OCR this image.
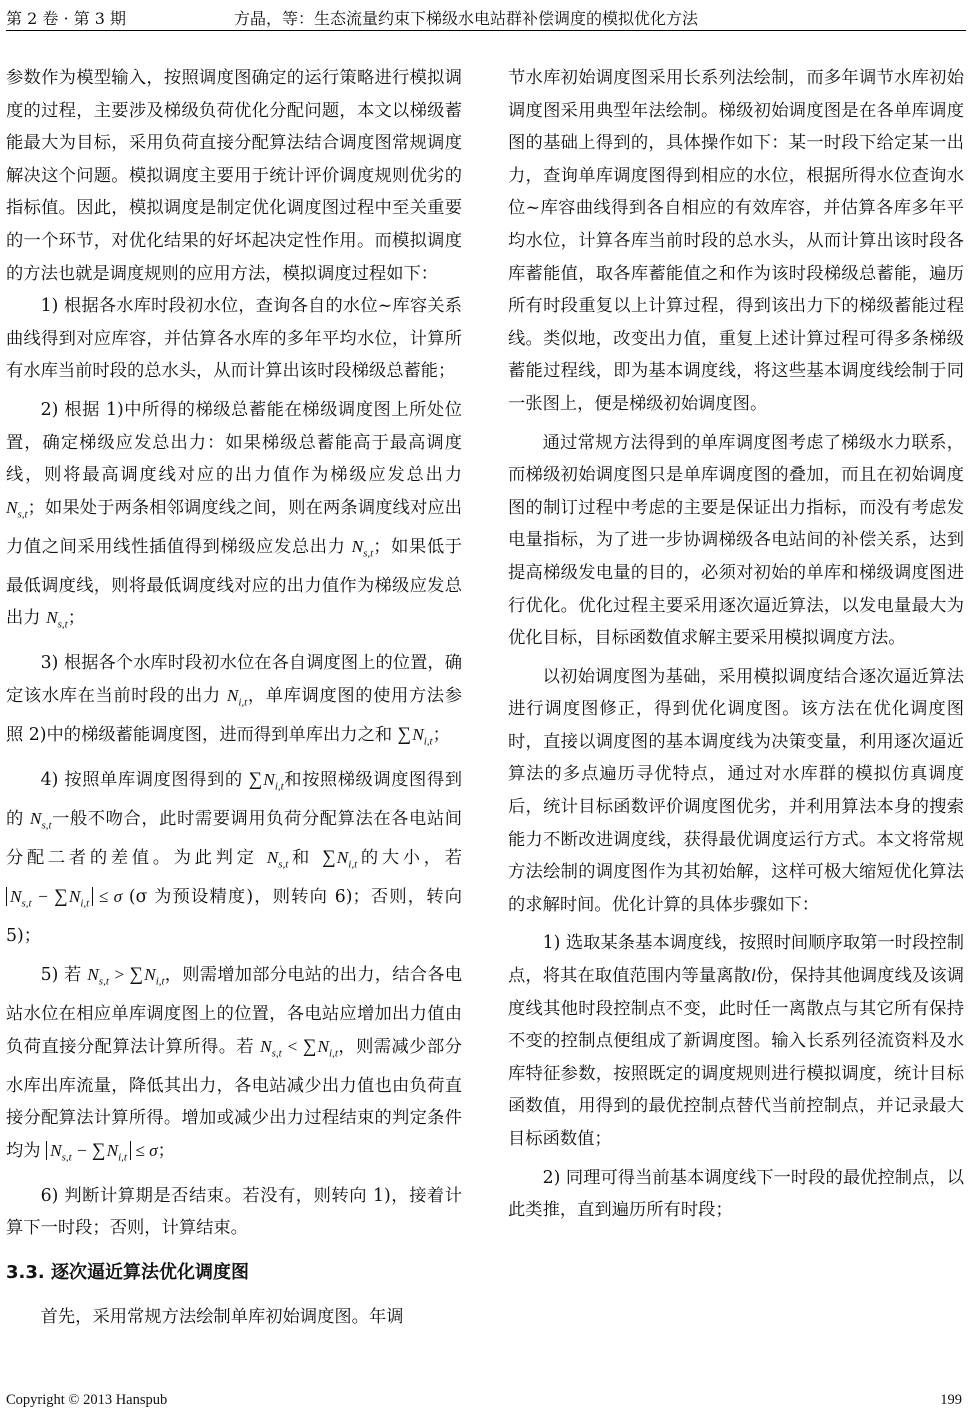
第 2 卷 · 第 3 期	方晶，等：生态流量约束下梯级水电站群补偿调度的模拟优化方法

参数作为模型输入，按照调度图确定的运行策略进行模拟调度的过程，主要涉及梯级负荷优化分配问题，本文以梯级蓄能最大为目标，采用负荷直接分配算法结合调度图常规调度解决这个问题。模拟调度主要用于统计评价调度规则优劣的指标值。因此，模拟调度是制定优化调度图过程中至关重要的一个环节，对优化结果的好坏起决定性作用。而模拟调度的方法也就是调度规则的应用方法，模拟调度过程如下：

1) 根据各水库时段初水位，查询各自的水位~库容关系曲线得到对应库容，并估算各水库的多年平均水位，计算所有水库当前时段的总水头，从而计算出该时段梯级总蓄能；

2) 根据 1)中所得的梯级总蓄能在梯级调度图上所处位置，确定梯级应发总出力：如果梯级总蓄能高于最高调度线，则将最高调度线对应的出力值作为梯级应发总出力 $N_{s,t}$；如果处于两条相邻调度线之间，则在两条调度线对应出力值之间采用线性插值得到梯级应发总出力 $N_{s,t}$；如果低于最低调度线，则将最低调度线对应的出力值作为梯级应发总出力 $N_{s,t}$；

3) 根据各个水库时段初水位在各自调度图上的位置，确定该水库在当前时段的出力 $N_{i,t}$，单库调度图的使用方法参照 2)中的梯级蓄能调度图，进而得到单库出力之和 $\sum N_{i,t}$；

4) 按照单库调度图得到的 $\sum N_{i,t}$和按照梯级调度图得到的 $N_{s,t}$一般不吻合，此时需要调用负荷分配算法在各电站间分配二者的差值。为此判定 $N_{s,t}$和 $\sum N_{i,t}$的大小，若 $N_{s,t} - \sum N_{i,t} \le \sigma$ (σ 为预设精度)，则转向 6)；否则，转向 5)；

5) 若 $N_{s,t} > \sum N_{i,t}$，则需增加部分电站的出力，结合各电站水位在相应单库调度图上的位置，各电站应增加出力值由负荷直接分配算法计算所得。若 $N_{s,t} < \sum N_{i,t}$，则需减少部分水库出库流量，降低其出力，各电站减少出力值也由负荷直接分配算法计算所得。增加或减少出力过程结束的判定条件均为 $N_{s,t} - \sum N_{i,t} \le \sigma$；

6) 判断计算期是否结束。若没有，则转向 1)，接着计算下一时段；否则，计算结束。

3.3. 逐次逼近算法优化调度图

首先，采用常规方法绘制单库初始调度图。年调

节水库初始调度图采用长系列法绘制，而多年调节水库初始调度图采用典型年法绘制。梯级初始调度图是在各单库调度图的基础上得到的，具体操作如下：某一时段下给定某一出力，查询单库调度图得到相应的水位，根据所得水位查询水位~库容曲线得到各自相应的有效库容，并估算各库多年平均水位，计算各库当前时段的总水头，从而计算出该时段各库蓄能值，取各库蓄能值之和作为该时段梯级总蓄能，遍历所有时段重复以上计算过程，得到该出力下的梯级蓄能过程线。类似地，改变出力值，重复上述计算过程可得多条梯级蓄能过程线，即为基本调度线，将这些基本调度线绘制于同一张图上，便是梯级初始调度图。

通过常规方法得到的单库调度图考虑了梯级水力联系，而梯级初始调度图只是单库调度图的叠加，而且在初始调度图的制订过程中考虑的主要是保证出力指标，而没有考虑发电量指标，为了进一步协调梯级各电站间的补偿关系，达到提高梯级发电量的目的，必须对初始的单库和梯级调度图进行优化。优化过程主要采用逐次逼近算法，以发电量最大为优化目标，目标函数值求解主要采用模拟调度方法。

以初始调度图为基础，采用模拟调度结合逐次逼近算法进行调度图修正，得到优化调度图。该方法在优化调度图时，直接以调度图的基本调度线为决策变量，利用逐次逼近算法的多点遍历寻优特点，通过对水库群的模拟仿真调度后，统计目标函数评价调度图优劣，并利用算法本身的搜索能力不断改进调度线，获得最优调度运行方式。本文将常规方法绘制的调度图作为其初始解，这样可极大缩短优化算法的求解时间。优化计算的具体步骤如下：

1) 选取某条基本调度线，按照时间顺序取第一时段控制点，将其在取值范围内等量离散l份，保持其他调度线及该调度线其他时段控制点不变，此时任一离散点与其它所有保持不变的控制点便组成了新调度图。输入长系列径流资料及水库特征参数，按照既定的调度规则进行模拟调度，统计目标函数值，用得到的最优控制点替代当前控制点，并记录最大目标函数值；

2) 同理可得当前基本调度线下一时段的最优控制点，以此类推，直到遍历所有时段；

Copyright © 2013 Hanspub	199
